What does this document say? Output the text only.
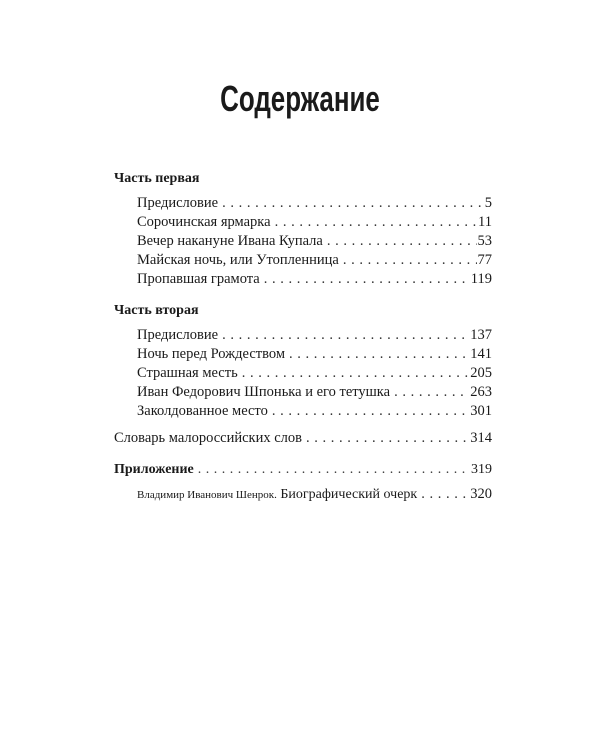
Содержание
Часть первая
Предисловие . . .	5
Сорочинская ярмарка . . .	11
Вечер накануне Ивана Купала . . .	53
Майская ночь, или Утопленница . . .	77
Пропавшая грамота . . .	119
Часть вторая
Предисловие . . .	137
Ночь перед Рождеством . . .	141
Страшная месть . . .	205
Иван Федорович Шпонька и его тетушка . . .	263
Заколдованное место . . .	301
Словарь малороссийских слов . . .	314
Приложение . . .	319
Владимир Иванович Шенрок. Биографический очерк . . .	320
